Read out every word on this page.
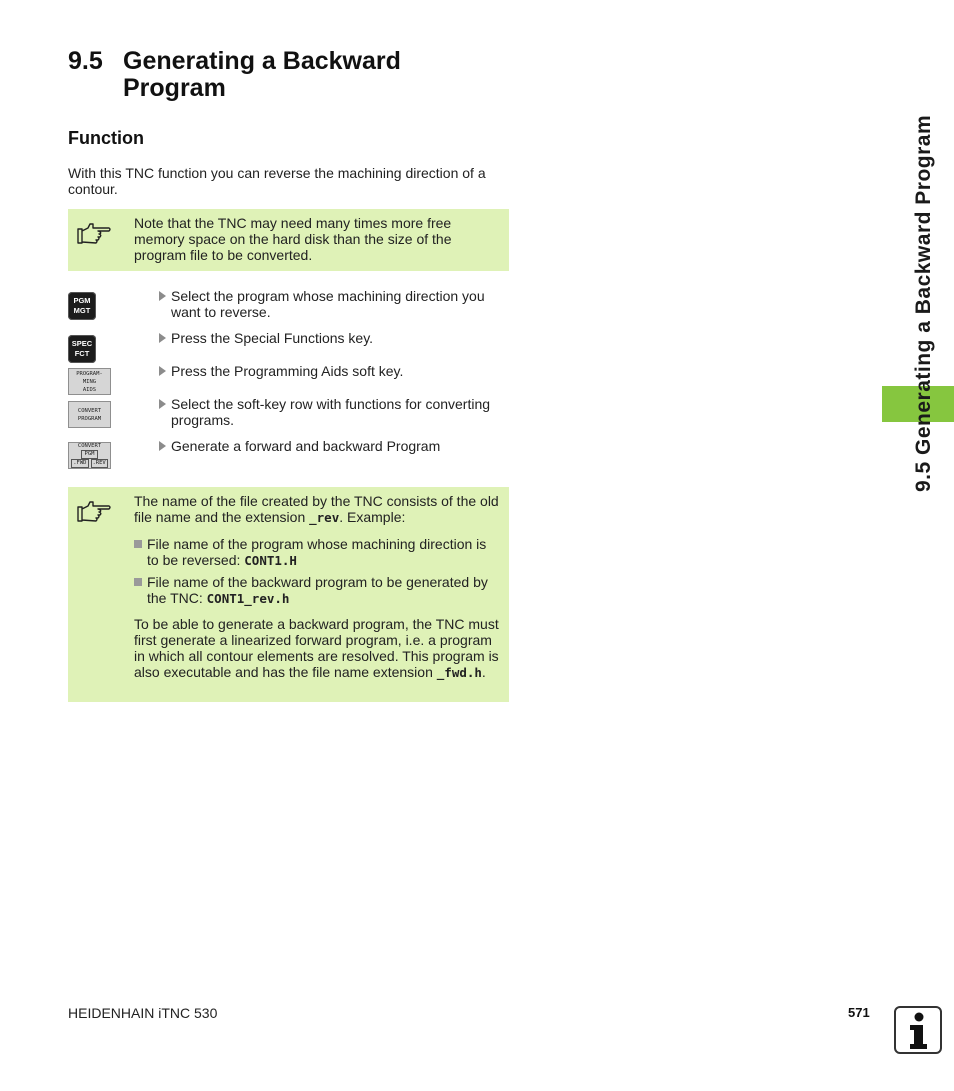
9.5 Generating a Backward Program
Function
With this TNC function you can reverse the machining direction of a contour.
Note that the TNC may need many times more free memory space on the hard disk than the size of the program file to be converted.
PGM
MGT
SPEC
FCT
PROGRAM-
MING
AIDS
CONVERT
PROGRAM
CONVERT
PGM
.FWD	.REV
Select the program whose machining direction you want to reverse.
Press the Special Functions key.
Press the Programming Aids soft key.
Select the soft-key row with functions for converting programs.
Generate a forward and backward Program

The name of the file created by the TNC consists of the old file name and the extension _rev. Example:

File name of the program whose machining direction is to be reversed: CONT1.H

File name of the backward program to be generated by the TNC: CONT1_rev.h

To be able to generate a backward program, the TNC must first generate a linearized forward program, i.e. a program in which all contour elements are resolved. This program is also executable and has the file name extension _fwd.h.

9.5 Generating a Backward Program
HEIDENHAIN iTNC 530	571
